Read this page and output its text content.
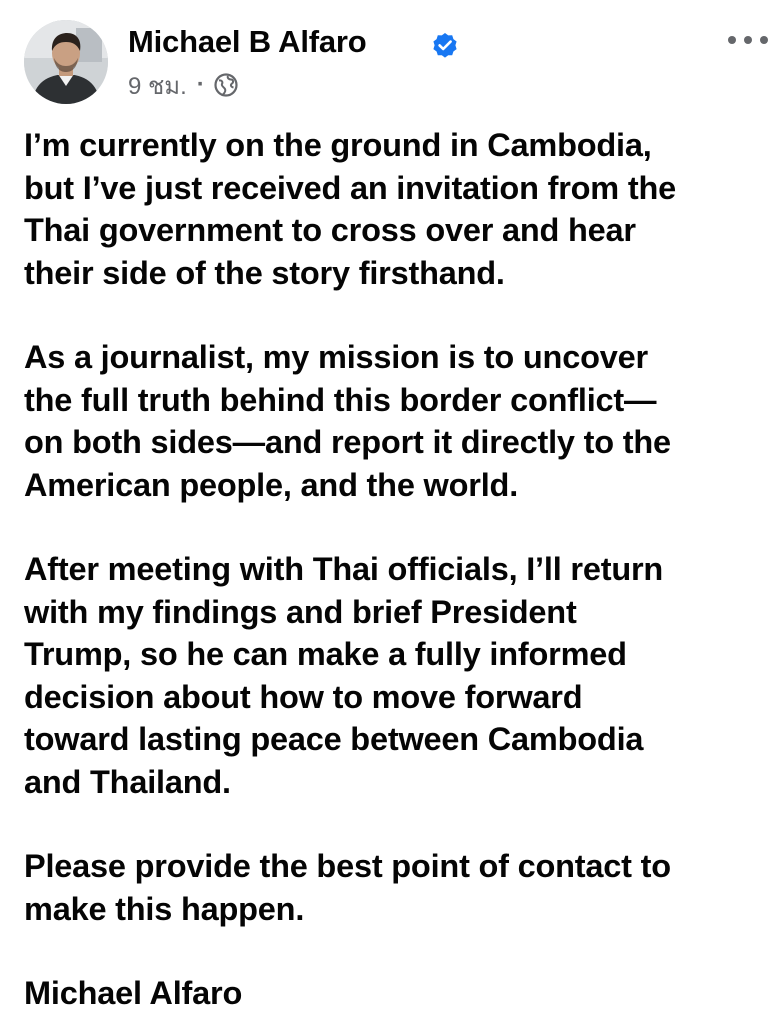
Michael B Alfaro
9 ชม. ·

I’m currently on the ground in Cambodia,
but I’ve just received an invitation from the
Thai government to cross over and hear
their side of the story firsthand.

As a journalist, my mission is to uncover
the full truth behind this border conflict—
on both sides—and report it directly to the
American people, and the world.

After meeting with Thai officials, I’ll return
with my findings and brief President
Trump, so he can make a fully informed
decision about how to move forward
toward lasting peace between Cambodia
and Thailand.

Please provide the best point of contact to
make this happen.

Michael Alfaro
